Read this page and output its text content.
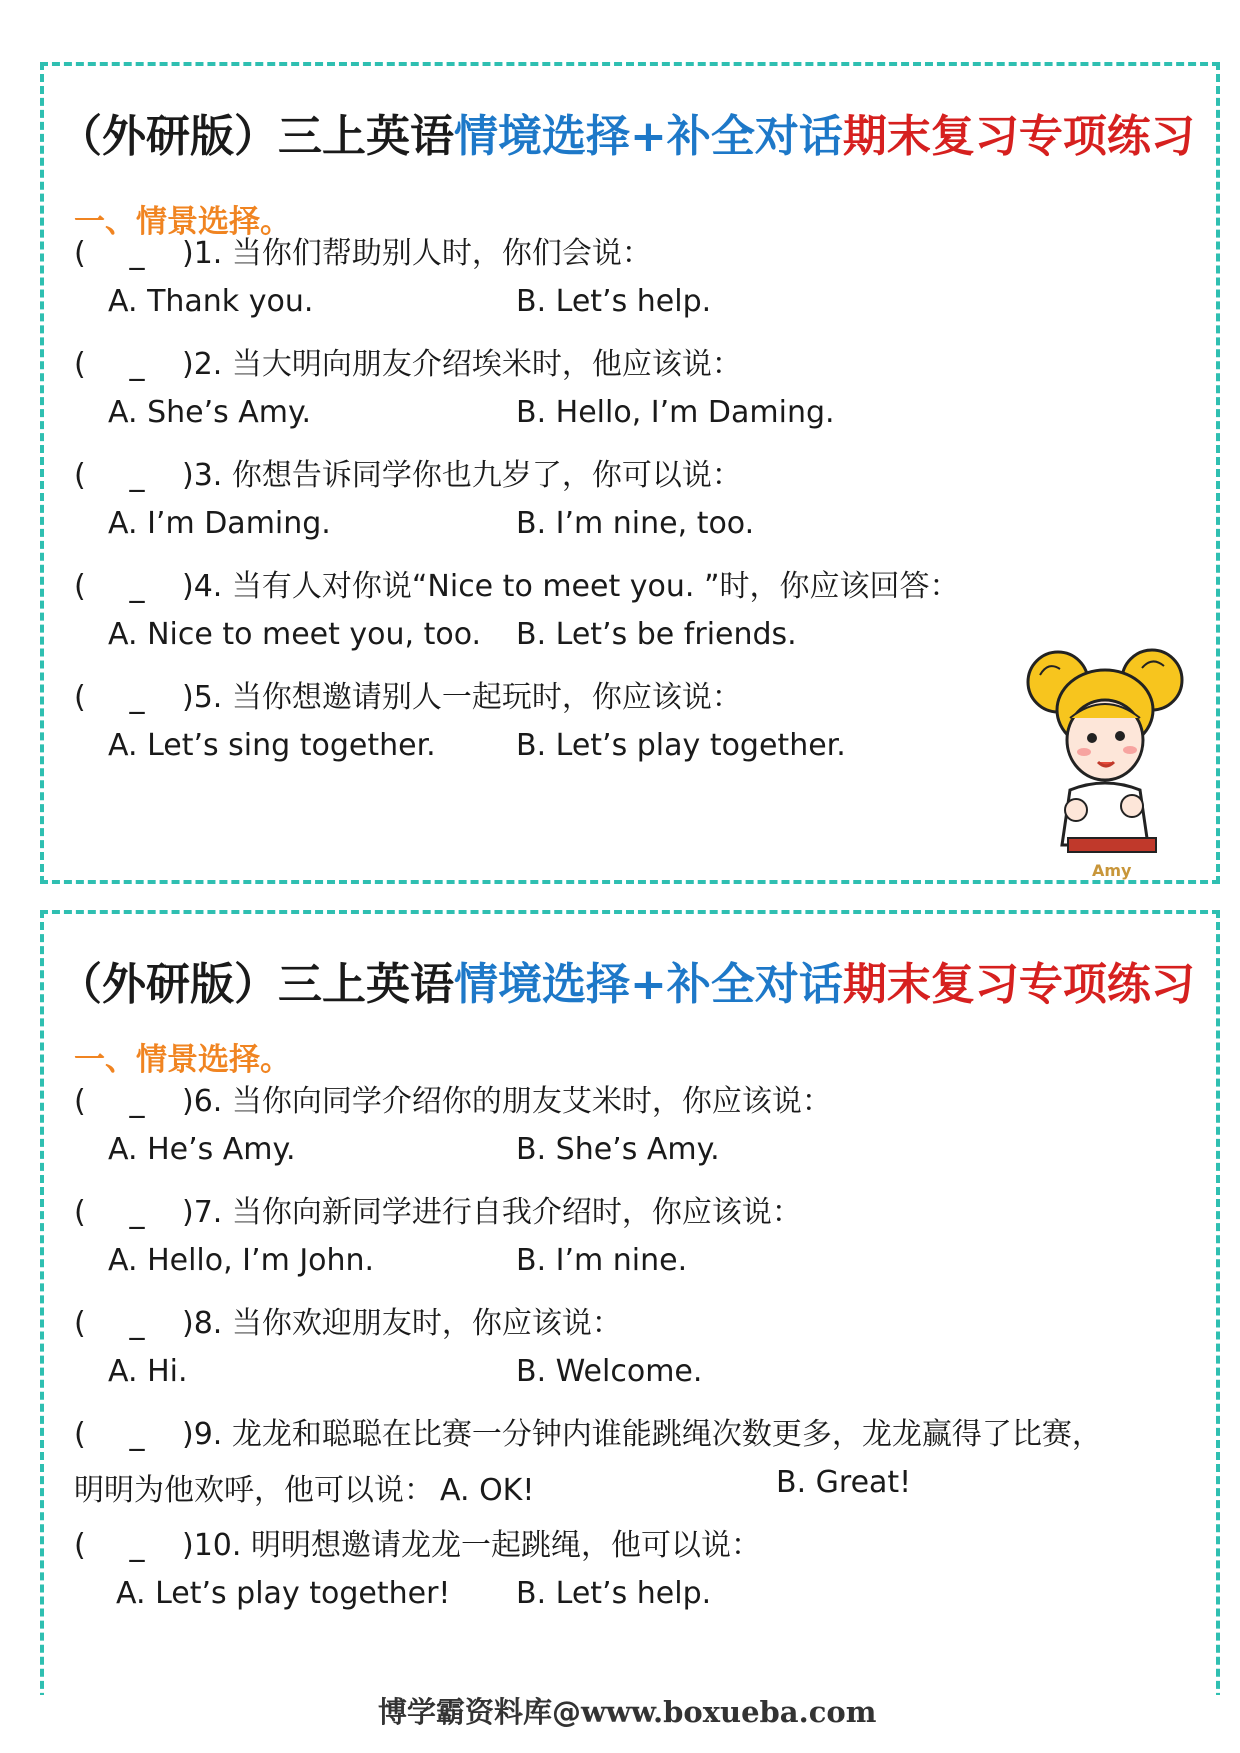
（外研版）三上英语情境选择+补全对话期末复习专项练习
一、情景选择。
( _ )1. 当你们帮助别人时，你们会说：
A. Thank you.	B. Let’s help.
( _ )2. 当大明向朋友介绍埃米时，他应该说：
A. She’s Amy.	B. Hello, I’m Daming.
( _ )3. 你想告诉同学你也九岁了，你可以说：
A. I’m Daming.	B. I’m nine, too.
( _ )4. 当有人对你说“Nice to meet you. ”时，你应该回答：
A. Nice to meet you, too. B. Let’s be friends.
( _ )5. 当你想邀请别人一起玩时，你应该说：
A. Let’s sing together.	B. Let’s play together.
Amy
（外研版）三上英语情境选择+补全对话期末复习专项练习
一、情景选择。
( _ )6. 当你向同学介绍你的朋友艾米时，你应该说：
A. He’s Amy.	B. She’s Amy.
( _ )7. 当你向新同学进行自我介绍时，你应该说：
A. Hello, I’m John.	B. I’m nine.
( _ )8. 当你欢迎朋友时，你应该说：
A. Hi.	B. Welcome.
( _ )9. 龙龙和聪聪在比赛一分钟内谁能跳绳次数更多，龙龙赢得了比赛，
明明为他欢呼，他可以说： A. OK!	B. Great!
( _ )10. 明明想邀请龙龙一起跳绳，他可以说：
A. Let’s play together! B. Let’s help.
博学霸资料库@www.boxueba.com
